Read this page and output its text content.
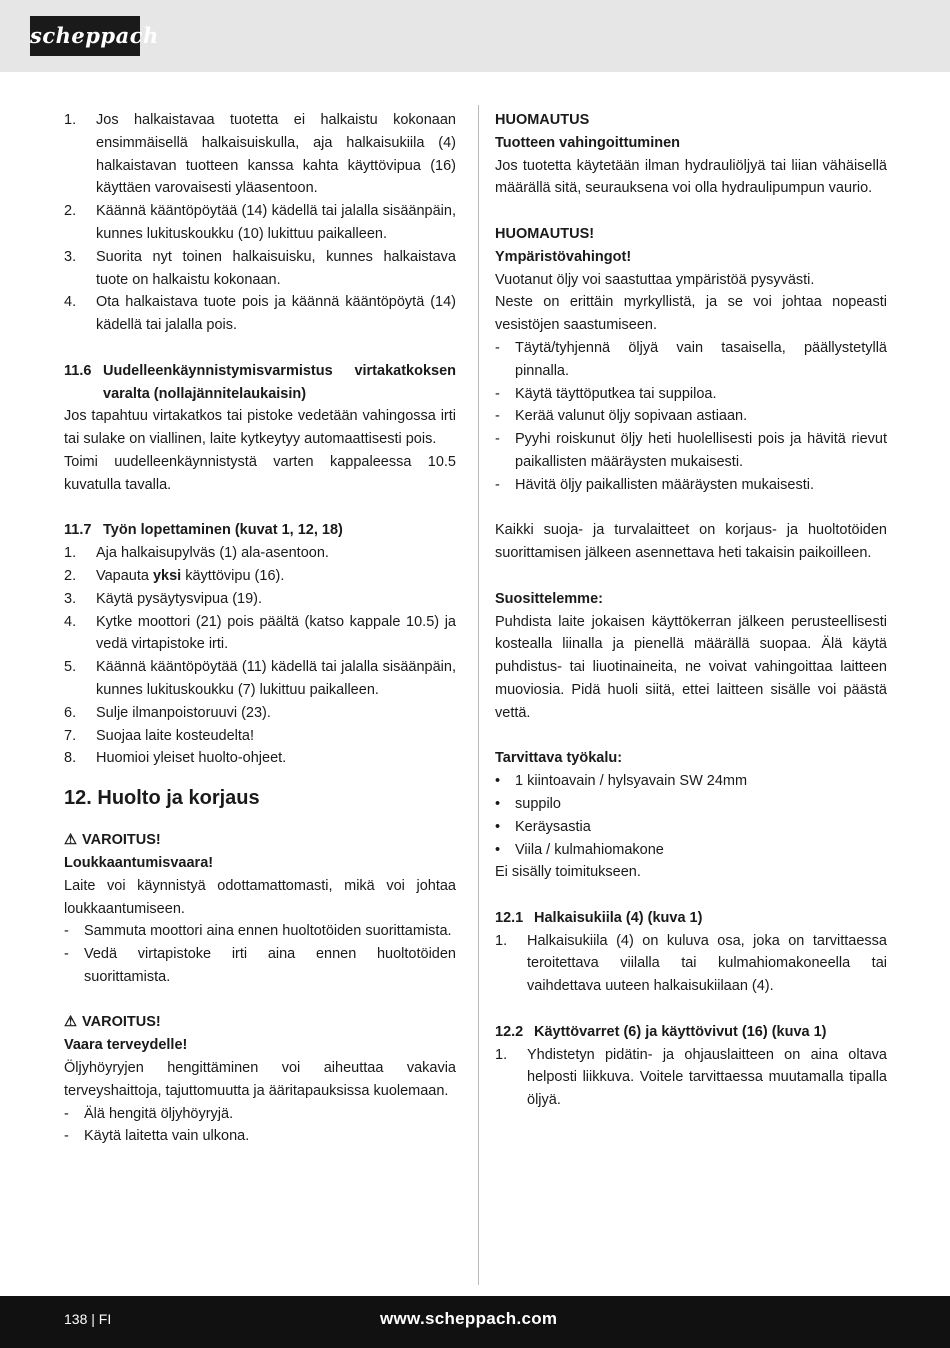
scheppach
1.	Jos halkaistavaa tuotetta ei halkaistu kokonaan ensimmäisellä halkaisuiskulla, aja halkaisukiila (4) halkaistavan tuotteen kanssa kahta käyttövipua (16) käyttäen varovaisesti yläasentoon.
2.	Käännä kääntöpöytää (14) kädellä tai jalalla sisäänpäin, kunnes lukituskoukku (10) lukittuu paikalleen.
3.	Suorita nyt toinen halkaisuisku, kunnes halkaistava tuote on halkaistu kokonaan.
4.	Ota halkaistava tuote pois ja käännä kääntöpöytä (14) kädellä tai jalalla pois.
11.6 Uudelleenkäynnistymisvarmistus virtakatkoksen varalta (nollajännitelaukaisin)

Jos tapahtuu virtakatkos tai pistoke vedetään vahingossa irti tai sulake on viallinen, laite kytkeytyy automaattisesti pois.

Toimi uudelleenkäynnistystä varten kappaleessa 10.5 kuvatulla tavalla.

11.7 Työn lopettaminen (kuvat 1, 12, 18)
1.	Aja halkaisupylväs (1) ala-asentoon.
2.	Vapauta yksi käyttövipu (16).
3.	Käytä pysäytysvipua (19).
4.	Kytke moottori (21) pois päältä (katso kappale 10.5) ja vedä virtapistoke irti.
5.	Käännä kääntöpöytää (11) kädellä tai jalalla sisäänpäin, kunnes lukituskoukku (7) lukittuu paikalleen.
6.	Sulje ilmanpoistoruuvi (23).
7.	Suojaa laite kosteudelta!
8.	Huomioi yleiset huolto-ohjeet.
12. Huolto ja korjaus
⚠ VAROITUS!
Loukkaantumisvaara!

Laite voi käynnistyä odottamattomasti, mikä voi johtaa loukkaantumiseen.

-	Sammuta moottori aina ennen huoltotöiden suorittamista.
-	Vedä virtapistoke irti aina ennen huoltotöiden suorittamista.
⚠ VAROITUS!
Vaara terveydelle!

Öljyhöyryjen hengittäminen voi aiheuttaa vakavia terveyshaittoja, tajuttomuutta ja ääritapauksissa kuolemaan.

-	Älä hengitä öljyhöyryjä.
-	Käytä laitetta vain ulkona.
HUOMAUTUS
Tuotteen vahingoittuminen

Jos tuotetta käytetään ilman hydrauliöljyä tai liian vähäisellä määrällä sitä, seurauksena voi olla hydraulipumpun vaurio.

HUOMAUTUS!
Ympäristövahingot!

Vuotanut öljy voi saastuttaa ympäristöä pysyvästi.

Neste on erittäin myrkyllistä, ja se voi johtaa nopeasti vesistöjen saastumiseen.

-	Täytä/tyhjennä öljyä vain tasaisella, päällystetyllä pinnalla.
-	Käytä täyttöputkea tai suppiloa.
-	Kerää valunut öljy sopivaan astiaan.
-	Pyyhi roiskunut öljy heti huolellisesti pois ja hävitä rievut paikallisten määräysten mukaisesti.
-	Hävitä öljy paikallisten määräysten mukaisesti.

Kaikki suoja- ja turvalaitteet on korjaus- ja huoltotöiden suorittamisen jälkeen asennettava heti takaisin paikoilleen.

Suosittelemme:

Puhdista laite jokaisen käyttökerran jälkeen perusteellisesti kostealla liinalla ja pienellä määrällä suopaa. Älä käytä puhdistus- tai liuotinaineita, ne voivat vahingoittaa laitteen muoviosia. Pidä huoli siitä, ettei laitteen sisälle voi päästä vettä.

Tarvittava työkalu:
•	1 kiintoavain / hylsyavain SW 24mm
•	suppilo
•	Keräysastia
•	Viila / kulmahiomakone

Ei sisälly toimitukseen.

12.1 Halkaisukiila (4) (kuva 1)
1.	Halkaisukiila (4) on kuluva osa, joka on tarvittaessa teroitettava viilalla tai kulmahiomakoneella tai vaihdettava uuteen halkaisukiilaan (4).
12.2 Käyttövarret (6) ja käyttövivut (16) (kuva 1)
1.	Yhdistetyn pidätin- ja ohjauslaitteen on aina oltava helposti liikkuva. Voitele tarvittaessa muutamalla tipalla öljyä.
138 | FI	www.scheppach.com
